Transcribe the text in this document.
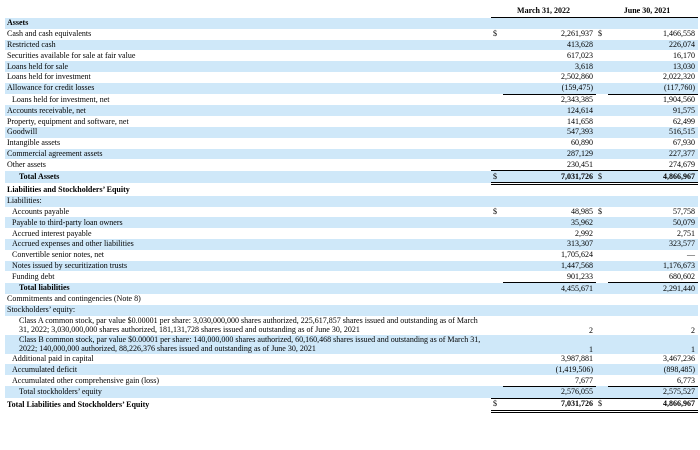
	March 31, 2022		June 30, 2021	
Assets				
Cash and cash equivalents	$	2,261,937	$	1,466,558
Restricted cash		413,628		226,074
Securities available for sale at fair value		617,023		16,170
Loans held for sale		3,618		13,030
Loans held for investment		2,502,860		2,022,320
Allowance for credit losses		(159,475)		(117,760)
Loans held for investment, net		2,343,385		1,904,560
Accounts receivable, net		124,614		91,575
Property, equipment and software, net		141,658		62,499
Goodwill		547,393		516,515
Intangible assets		60,890		67,930
Commercial agreement assets		287,129		227,377
Other assets		230,451		274,679
Total Assets	$	7,031,726	$	4,866,967
Liabilities and Stockholders’ Equity				
Liabilities:				
Accounts payable	$	48,985	$	57,758
Payable to third-party loan owners		35,962		50,079
Accrued interest payable		2,992		2,751
Accrued expenses and other liabilities		313,307		323,577
Convertible senior notes, net		1,705,624		—
Notes issued by securitization trusts		1,447,568		1,176,673
Funding debt		901,233		680,602
Total liabilities		4,455,671		2,291,440
Commitments and contingencies (Note 8)				
Stockholders’ equity:				
Class A common stock, par value $0.00001 per share: 3,030,000,000 shares authorized, 225,617,857 shares issued and outstanding as of March 31, 2022; 3,030,000,000 shares authorized, 181,131,728 shares issued and outstanding as of June 30, 2021		2		2
Class B common stock, par value $0.00001 per share: 140,000,000 shares authorized, 60,160,468 shares issued and outstanding as of March 31, 2022; 140,000,000 authorized, 88,226,376 shares issued and outstanding as of June 30, 2021		1		1
Additional paid in capital		3,987,881		3,467,236
Accumulated deficit		(1,419,506)		(898,485)
Accumulated other comprehensive gain (loss)		7,677		6,773
Total stockholders’ equity		2,576,055		2,575,527
Total Liabilities and Stockholders’ Equity	$	7,031,726	$	4,866,967
